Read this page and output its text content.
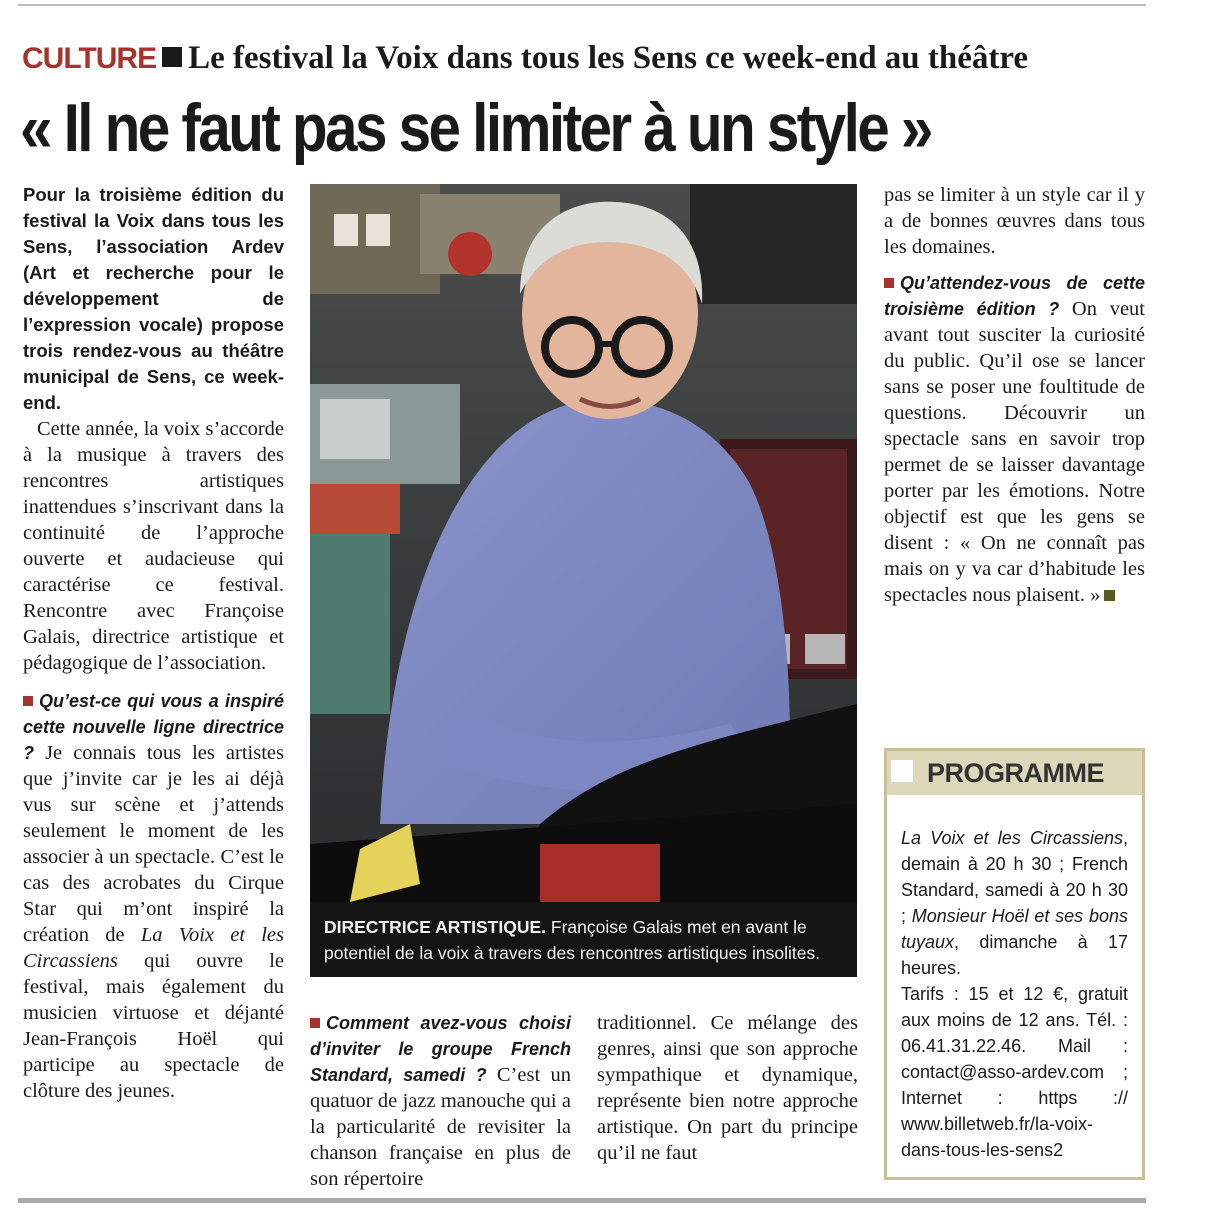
CULTURE Le festival la Voix dans tous les Sens ce week-end au théâtre
« Il ne faut pas se limiter à un style »

Pour la troisième édition du festival la Voix dans tous les Sens, l’association Ardev (Art et recherche pour le développement de l’expression vocale) propose trois rendez-vous au théâtre municipal de Sens, ce week-end.

Cette année, la voix s’accorde à la musique à travers des rencontres artistiques inattendues s’inscrivant dans la continuité de l’approche ouverte et audacieuse qui caractérise ce festival. Rencontre avec Françoise Galais, directrice artistique et pédagogique de l’association.

Qu’est-ce qui vous a inspiré cette nouvelle ligne directrice ? Je connais tous les artistes que j’invite car je les ai déjà vus sur scène et j’attends seulement le moment de les associer à un spectacle. C’est le cas des acrobates du Cirque Star qui m’ont inspiré la création de La Voix et les Circassiens qui ouvre le festival, mais également du musicien virtuose et déjanté Jean-François Hoël qui participe au spectacle de clôture des jeunes.

DIRECTRICE ARTISTIQUE. Françoise Galais met en avant le potentiel de la voix à travers des rencontres artistiques insolites.

Comment avez-vous choisi d’inviter le groupe French Standard, samedi ? C’est un quatuor de jazz manouche qui a la particularité de revisiter la chanson française en plus de son répertoire

traditionnel. Ce mélange des genres, ainsi que son approche sympathique et dynamique, représente bien notre approche artistique. On part du principe qu’il ne faut

pas se limiter à un style car il y a de bonnes œuvres dans tous les domaines.

Qu’attendez-vous de cette troisième édition ? On veut avant tout susciter la curiosité du public. Qu’il ose se lancer sans se poser une foultitude de questions. Découvrir un spectacle sans en savoir trop permet de se laisser davantage porter par les émotions. Notre objectif est que les gens se disent : « On ne connaît pas mais on y va car d’habitude les spectacles nous plaisent. »

PROGRAMME
La Voix et les Circassiens, demain à 20 h 30 ; French Standard, samedi à 20 h 30 ; Monsieur Hoël et ses bons tuyaux, dimanche à 17 heures.
Tarifs : 15 et 12 €, gratuit aux moins de 12 ans. Tél. : 06.41.31.22.46. Mail : contact@asso-ardev.com ; Internet : https :// www.billetweb.fr/la-voix-dans-tous-les-sens2
